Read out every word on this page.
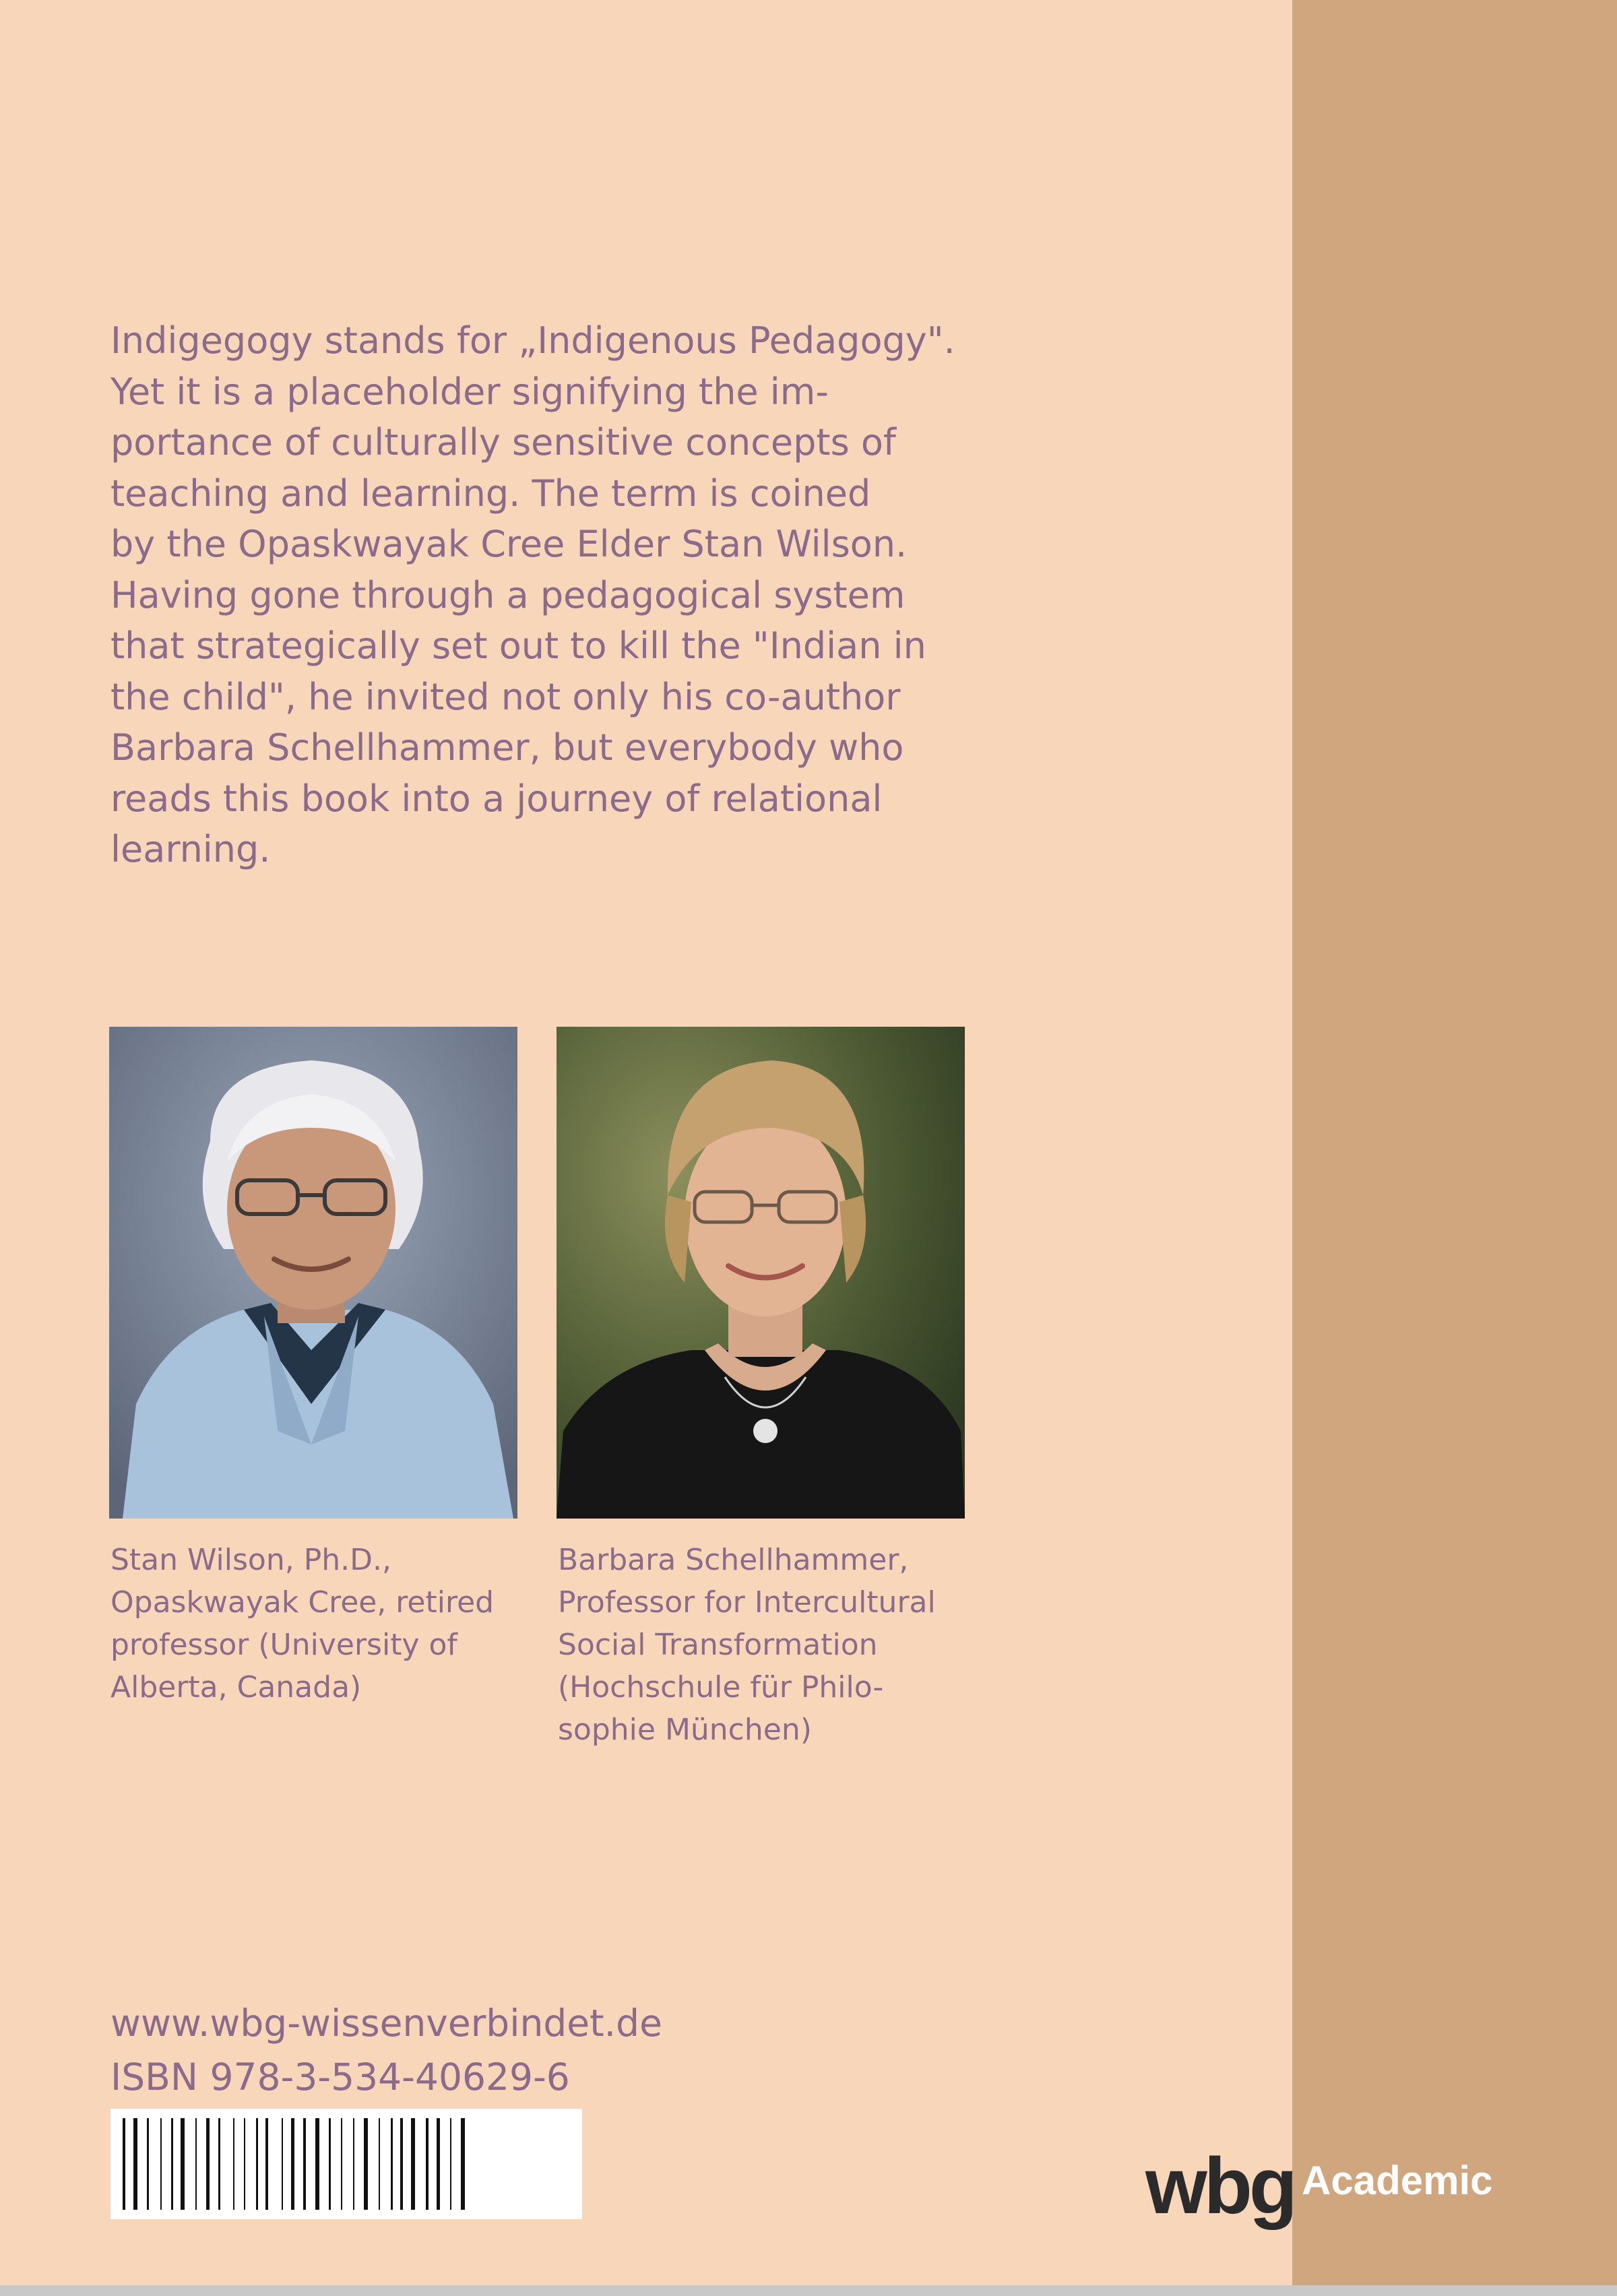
Indigegogy stands for „Indigenous Pedagogy".
Yet it is a placeholder signifying the im-
portance of culturally sensitive concepts of
teaching and learning. The term is coined
by the Opaskwayak Cree Elder Stan Wilson.
Having gone through a pedagogical system
that strategically set out to kill the "Indian in
the child", he invited not only his co-author
Barbara Schellhammer, but everybody who
reads this book into a journey of relational
learning.

Stan Wilson, Ph.D.,
Opaskwayak Cree, retired
professor (University of
Alberta, Canada)

Barbara Schellhammer,
Professor for Intercultural
Social Transformation
(Hochschule für Philo-
sophie München)

www.wbg-wissenverbindet.de

ISBN 978-3-534-40629-6

wbg Academic
